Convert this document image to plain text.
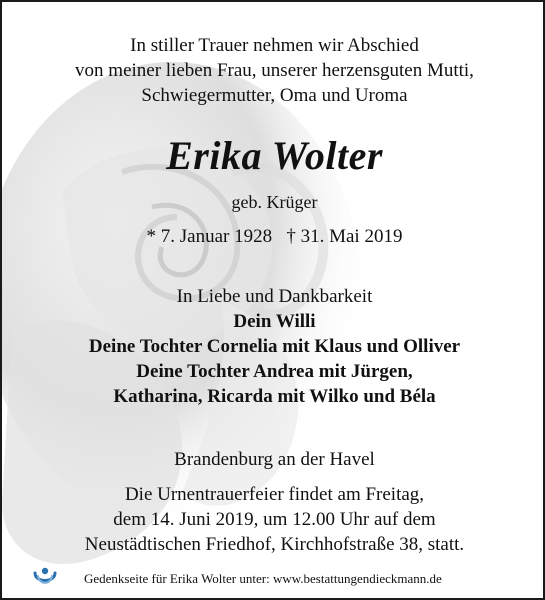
In stiller Trauer nehmen wir Abschied
von meiner lieben Frau, unserer herzensguten Mutti,
Schwiegermutter, Oma und Uroma
Erika Wolter
geb. Krüger
* 7. Januar 1928   † 31. Mai 2019
In Liebe und Dankbarkeit
Dein Willi
Deine Tochter Cornelia mit Klaus und Olliver
Deine Tochter Andrea mit Jürgen,
Katharina, Ricarda mit Wilko und Béla
Brandenburg an der Havel
Die Urnentrauerfeier findet am Freitag,
dem 14. Juni 2019, um 12.00 Uhr auf dem
Neustädtischen Friedhof, Kirchhofstraße 38, statt.
Gedenkseite für Erika Wolter unter: www.bestattungendieckmann.de
